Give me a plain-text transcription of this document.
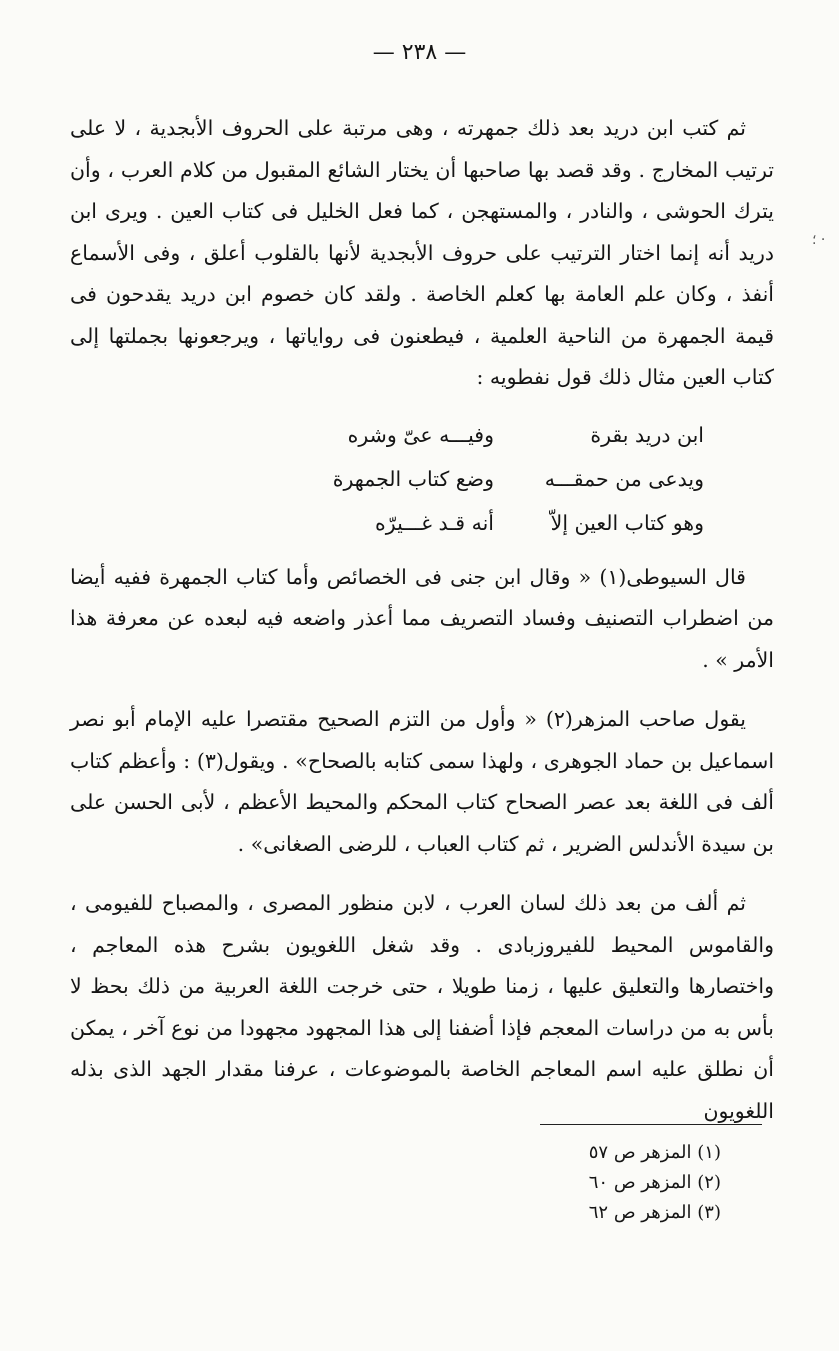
— ٢٣٨ —
؛ ·

ثم كتب ابن دريد بعد ذلك جمهرته ، وهى مرتبة على الحروف الأبجدية ، لا على ترتيب المخارج . وقد قصد بها صاحبها أن يختار الشائع المقبول من كلام العرب ، وأن يترك الحوشى ، والنادر ، والمستهجن ، كما فعل الخليل فى كتاب العين . ويرى ابن دريد أنه إنما اختار الترتيب على حروف الأبجدية لأنها بالقلوب أعلق ، وفى الأسماع أنفذ ، وكان علم العامة بها كعلم الخاصة . ولقد كان خصوم ابن دريد يقدحون فى قيمة الجمهرة من الناحية العلمية ، فيطعنون فى رواياتها ، ويرجعونها بجملتها إلى كتاب العين مثال ذلك قول نفطويه :

ابن دريد بقرة
وفيـــه عىّ وشره
ويدعى من حمقـــه
وضع كتاب الجمهرة
وهو كتاب العين إلاّ
أنه قـد غـــيرّه

قال السيوطى(١) « وقال ابن جنى فى الخصائص وأما كتاب الجمهرة ففيه أيضا من اضطراب التصنيف وفساد التصريف مما أعذر واضعه فيه لبعده عن معرفة هذا الأمر » .

يقول صاحب المزهر(٢) « وأول من التزم الصحيح مقتصرا عليه الإمام أبو نصر اسماعيل بن حماد الجوهرى ، ولهذا سمى كتابه بالصحاح» . ويقول(٣) : وأعظم كتاب ألف فى اللغة بعد عصر الصحاح كتاب المحكم والمحيط الأعظم ، لأبى الحسن على بن سيدة الأندلس الضرير ، ثم كتاب العباب ، للرضى الصغانى» .

ثم ألف من بعد ذلك لسان العرب ، لابن منظور المصرى ، والمصباح للفيومى ، والقاموس المحيط للفيروزبادى . وقد شغل اللغويون بشرح هذه المعاجم ، واختصارها والتعليق عليها ، زمنا طويلا ، حتى خرجت اللغة العربية من ذلك بحظ لا بأس به من دراسات المعجم فإذا أضفنا إلى هذا المجهود مجهودا من نوع آخر ، يمكن أن نطلق عليه اسم المعاجم الخاصة بالموضوعات ، عرفنا مقدار الجهد الذى بذله اللغويون

(١) المزهر ص ٥٧
(٢) المزهر ص ٦٠
(٣) المزهر ص ٦٢
